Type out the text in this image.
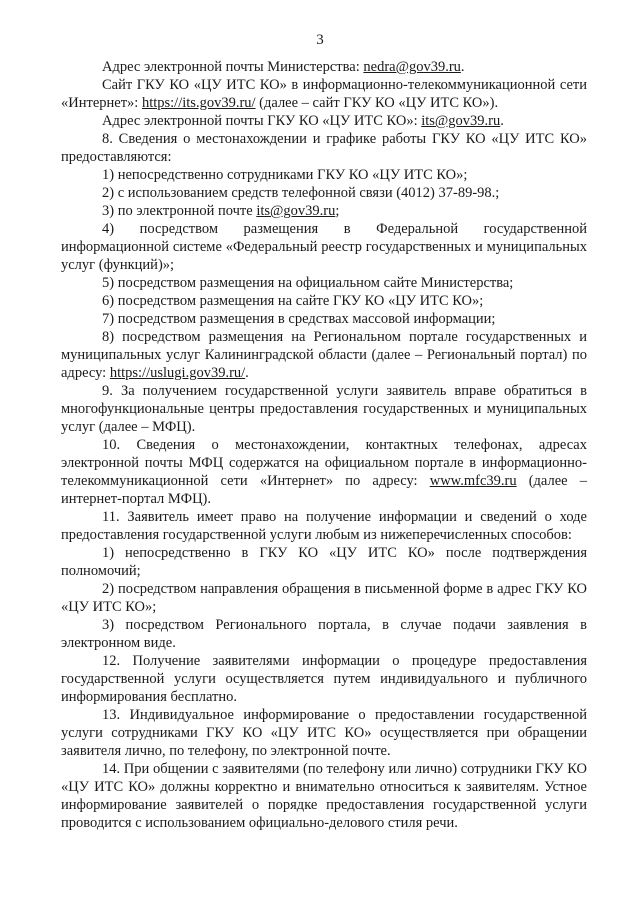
3

Адрес электронной почты Министерства: nedra@gov39.ru.

Сайт ГКУ КО «ЦУ ИТС КО» в информационно-телекоммуникационной сети «Интернет»: https://its.gov39.ru/ (далее – сайт ГКУ КО «ЦУ ИТС КО»).

Адрес электронной почты ГКУ КО «ЦУ ИТС КО»: its@gov39.ru.

8. Сведения о местонахождении и графике работы ГКУ КО «ЦУ ИТС КО» предоставляются:

1) непосредственно сотрудниками ГКУ КО «ЦУ ИТС КО»;

2) с использованием средств телефонной связи (4012) 37-89-98.;

3) по электронной почте its@gov39.ru;

4) посредством размещения в Федеральной государственной информационной системе «Федеральный реестр государственных и муниципальных услуг (функций)»;

5) посредством размещения на официальном сайте Министерства;

6) посредством размещения на сайте ГКУ КО «ЦУ ИТС КО»;

7) посредством размещения в средствах массовой информации;

8) посредством размещения на Региональном портале государственных и муниципальных услуг Калининградской области (далее – Региональный портал) по адресу: https://uslugi.gov39.ru/.

9. За получением государственной услуги заявитель вправе обратиться в многофункциональные центры предоставления государственных и муниципальных услуг (далее – МФЦ).

10. Сведения о местонахождении, контактных телефонах, адресах электронной почты МФЦ содержатся на официальном портале в информационно-телекоммуникационной сети «Интернет» по адресу: www.mfc39.ru (далее – интернет-портал МФЦ).

11. Заявитель имеет право на получение информации и сведений о ходе предоставления государственной услуги любым из нижеперечисленных способов:

1) непосредственно в ГКУ КО «ЦУ ИТС КО» после подтверждения полномочий;

2) посредством направления обращения в письменной форме в адрес ГКУ КО «ЦУ ИТС КО»;

3) посредством Регионального портала, в случае подачи заявления в электронном виде.

12. Получение заявителями информации о процедуре предоставления государственной услуги осуществляется путем индивидуального и публичного информирования бесплатно.

13. Индивидуальное информирование о предоставлении государственной услуги сотрудниками ГКУ КО «ЦУ ИТС КО» осуществляется при обращении заявителя лично, по телефону, по электронной почте.

14. При общении с заявителями (по телефону или лично) сотрудники ГКУ КО «ЦУ ИТС КО» должны корректно и внимательно относиться к заявителям. Устное информирование заявителей о порядке предоставления государственной услуги проводится с использованием официально-делового стиля речи.
